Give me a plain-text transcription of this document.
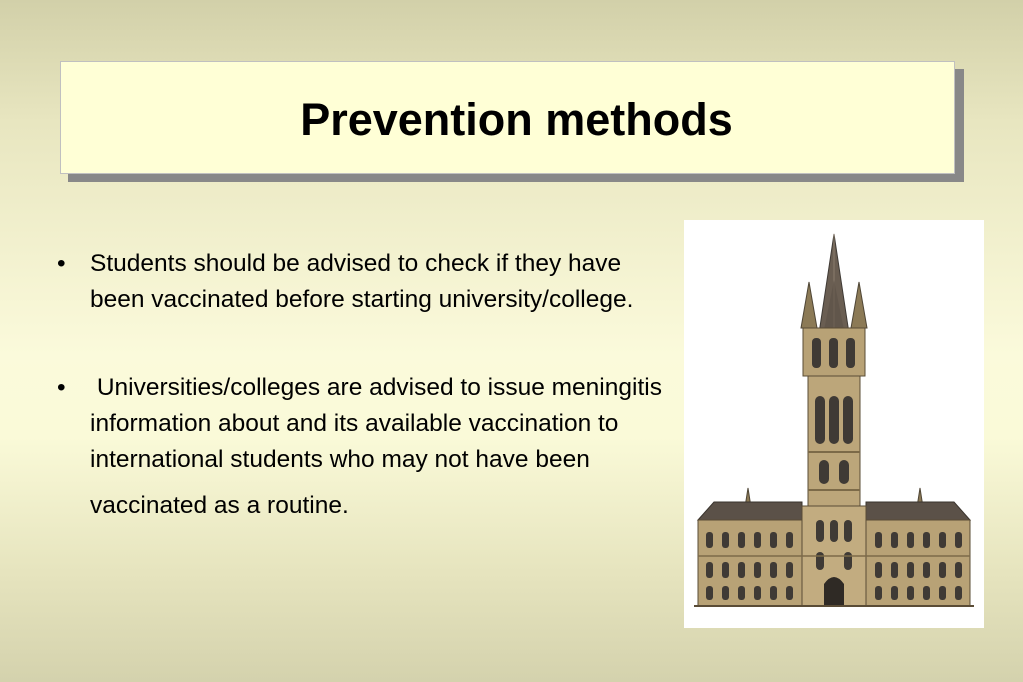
Prevention methods
• Students should be advised to check if they have been vaccinated before starting university/college.
• Universities/colleges are advised to issue meningitis information about and its available vaccination to international students who may not have been
vaccinated as a routine.
